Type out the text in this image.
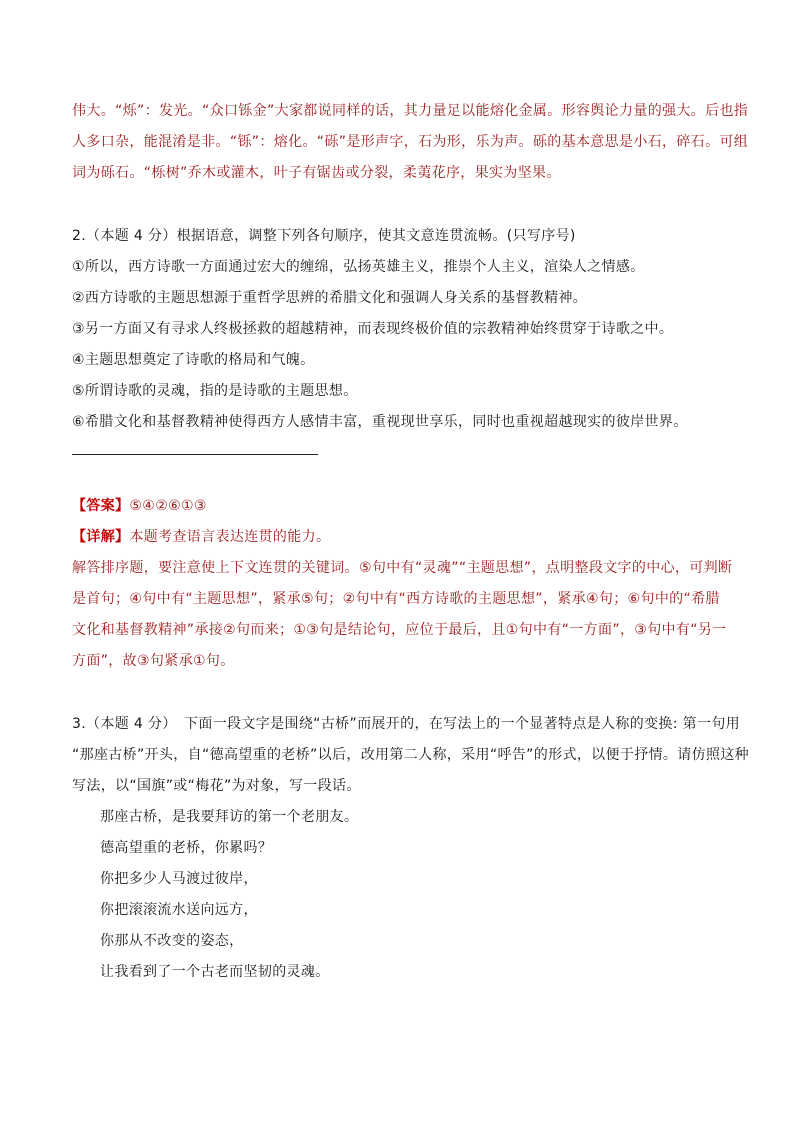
伟大。“烁”：发光。“众口铄金”大家都说同样的话，其力量足以能熔化金属。形容舆论力量的强大。后也指
人多口杂，能混淆是非。“铄”：熔化。“砾”是形声字，石为形，乐为声。砾的基本意思是小石，碎石。可组
词为砾石。“栎树”乔木或灌木，叶子有锯齿或分裂，柔荑花序，果实为坚果。
2.（本题 4 分）根据语意，调整下列各句顺序，使其文意连贯流畅。(只写序号)
①所以，西方诗歌一方面通过宏大的缠绵，弘扬英雄主义，推崇个人主义，渲染人之情感。
②西方诗歌的主题思想源于重哲学思辨的希腊文化和强调人身关系的基督教精神。
③另一方面又有寻求人终极拯救的超越精神，而表现终极价值的宗教精神始终贯穿于诗歌之中。
④主题思想奠定了诗歌的格局和气魄。
⑤所谓诗歌的灵魂，指的是诗歌的主题思想。
⑥希腊文化和基督教精神使得西方人感情丰富，重视现世享乐，同时也重视超越现实的彼岸世界。
【答案】⑤④②⑥①③
【详解】本题考查语言表达连贯的能力。
解答排序题，要注意使上下文连贯的关键词。⑤句中有“灵魂”“主题思想”，点明整段文字的中心，可判断
是首句；④句中有“主题思想”，紧承⑤句；②句中有“西方诗歌的主题思想”，紧承④句；⑥句中的“希腊
文化和基督教精神”承接②句而来；①③句是结论句，应位于最后，且①句中有“一方面”，③句中有“另一
方面”，故③句紧承①句。
3.（本题 4 分）　下面一段文字是围绕“古桥”而展开的，在写法上的一个显著特点是人称的变换: 第一句用
“那座古桥”开头，自“德高望重的老桥”以后，改用第二人称，采用“呼告”的形式，以便于抒情。请仿照这种
写法，以“国旗”或“梅花”为对象，写一段话。
那座古桥，是我要拜访的第一个老朋友。
德高望重的老桥，你累吗？
你把多少人马渡过彼岸，
你把滚滚流水送向远方，
你那从不改变的姿态，
让我看到了一个古老而坚韧的灵魂。
